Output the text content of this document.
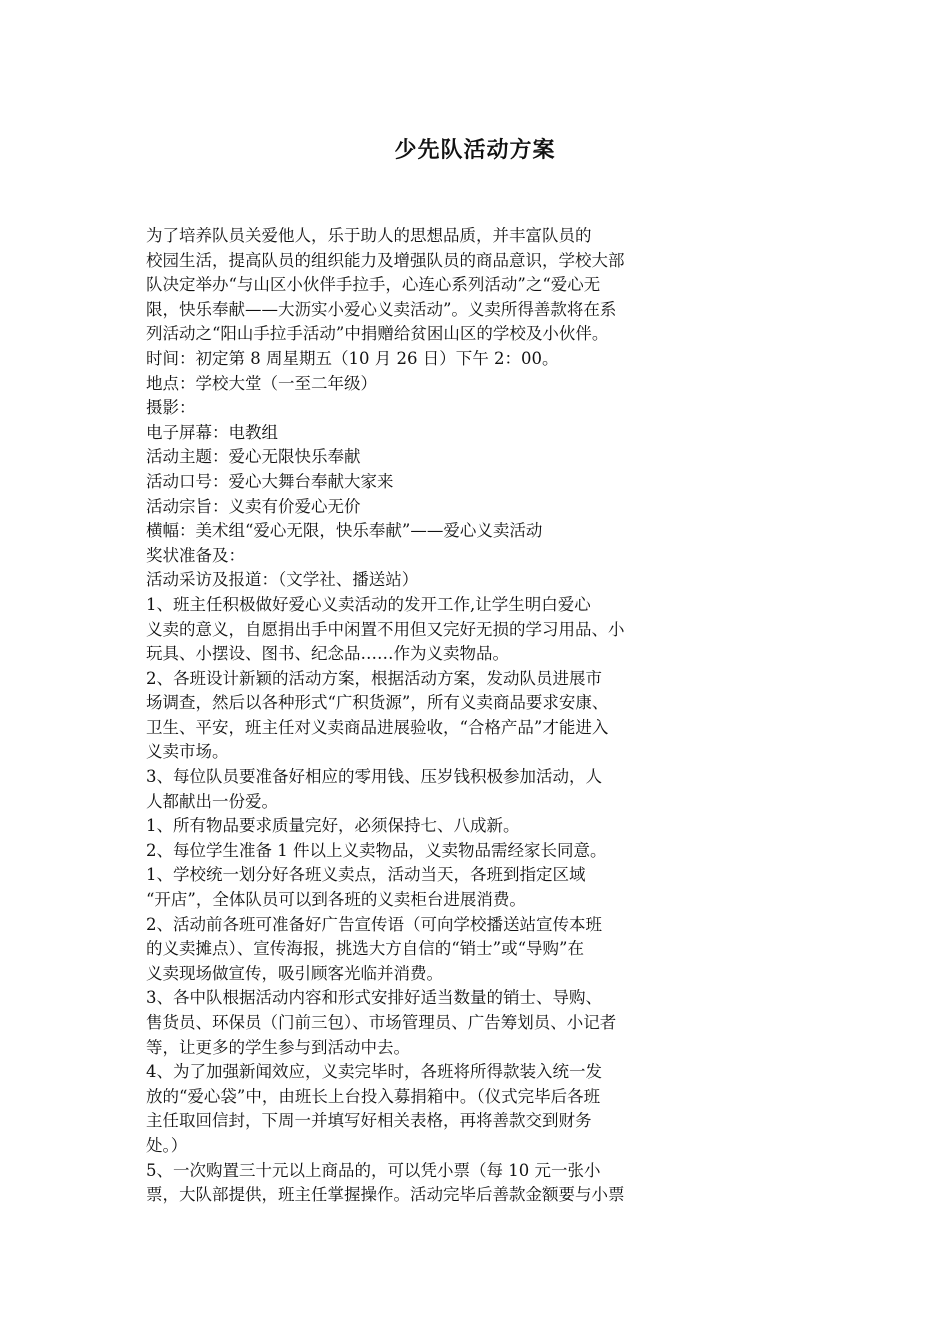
少先队活动方案
为了培养队员关爱他人，乐于助人的思想品质，并丰富队员的
校园生活，提高队员的组织能力及增强队员的商品意识，学校大部
队决定举办“与山区小伙伴手拉手，心连心系列活动”之“爱心无
限，快乐奉献——大沥实小爱心义卖活动”。义卖所得善款将在系
列活动之“阳山手拉手活动”中捐赠给贫困山区的学校及小伙伴。
时间：初定第 8 周星期五（10 月 26 日）下午 2：00。
地点：学校大堂（一至二年级）
摄影：
电子屏幕：电教组
活动主题：爱心无限快乐奉献
活动口号：爱心大舞台奉献大家来
活动宗旨：义卖有价爱心无价
横幅：美术组“爱心无限，快乐奉献”——爱心义卖活动
奖状准备及：
活动采访及报道：（文学社、播送站）
1、班主任积极做好爱心义卖活动的发开工作,让学生明白爱心
义卖的意义，自愿捐出手中闲置不用但又完好无损的学习用品、小
玩具、小摆设、图书、纪念品……作为义卖物品。
2、各班设计新颖的活动方案，根据活动方案，发动队员进展市
场调查，然后以各种形式“广积货源”，所有义卖商品要求安康、
卫生、平安，班主任对义卖商品进展验收，“合格产品”才能进入
义卖市场。
3、每位队员要准备好相应的零用钱、压岁钱积极参加活动，人
人都献出一份爱。
1、所有物品要求质量完好，必须保持七、八成新。
2、每位学生准备 1 件以上义卖物品，义卖物品需经家长同意。
1、学校统一划分好各班义卖点，活动当天，各班到指定区域
“开店”，全体队员可以到各班的义卖柜台进展消费。
2、活动前各班可准备好广告宣传语（可向学校播送站宣传本班
的义卖摊点）、宣传海报，挑选大方自信的“销士”或“导购”在
义卖现场做宣传，吸引顾客光临并消费。
3、各中队根据活动内容和形式安排好适当数量的销士、导购、
售货员、环保员（门前三包）、市场管理员、广告筹划员、小记者
等，让更多的学生参与到活动中去。
4、为了加强新闻效应，义卖完毕时，各班将所得款装入统一发
放的“爱心袋”中，由班长上台投入募捐箱中。（仪式完毕后各班
主任取回信封，下周一并填写好相关表格，再将善款交到财务
处。）
5、一次购置三十元以上商品的，可以凭小票（每 10 元一张小
票，大队部提供，班主任掌握操作。活动完毕后善款金额要与小票
